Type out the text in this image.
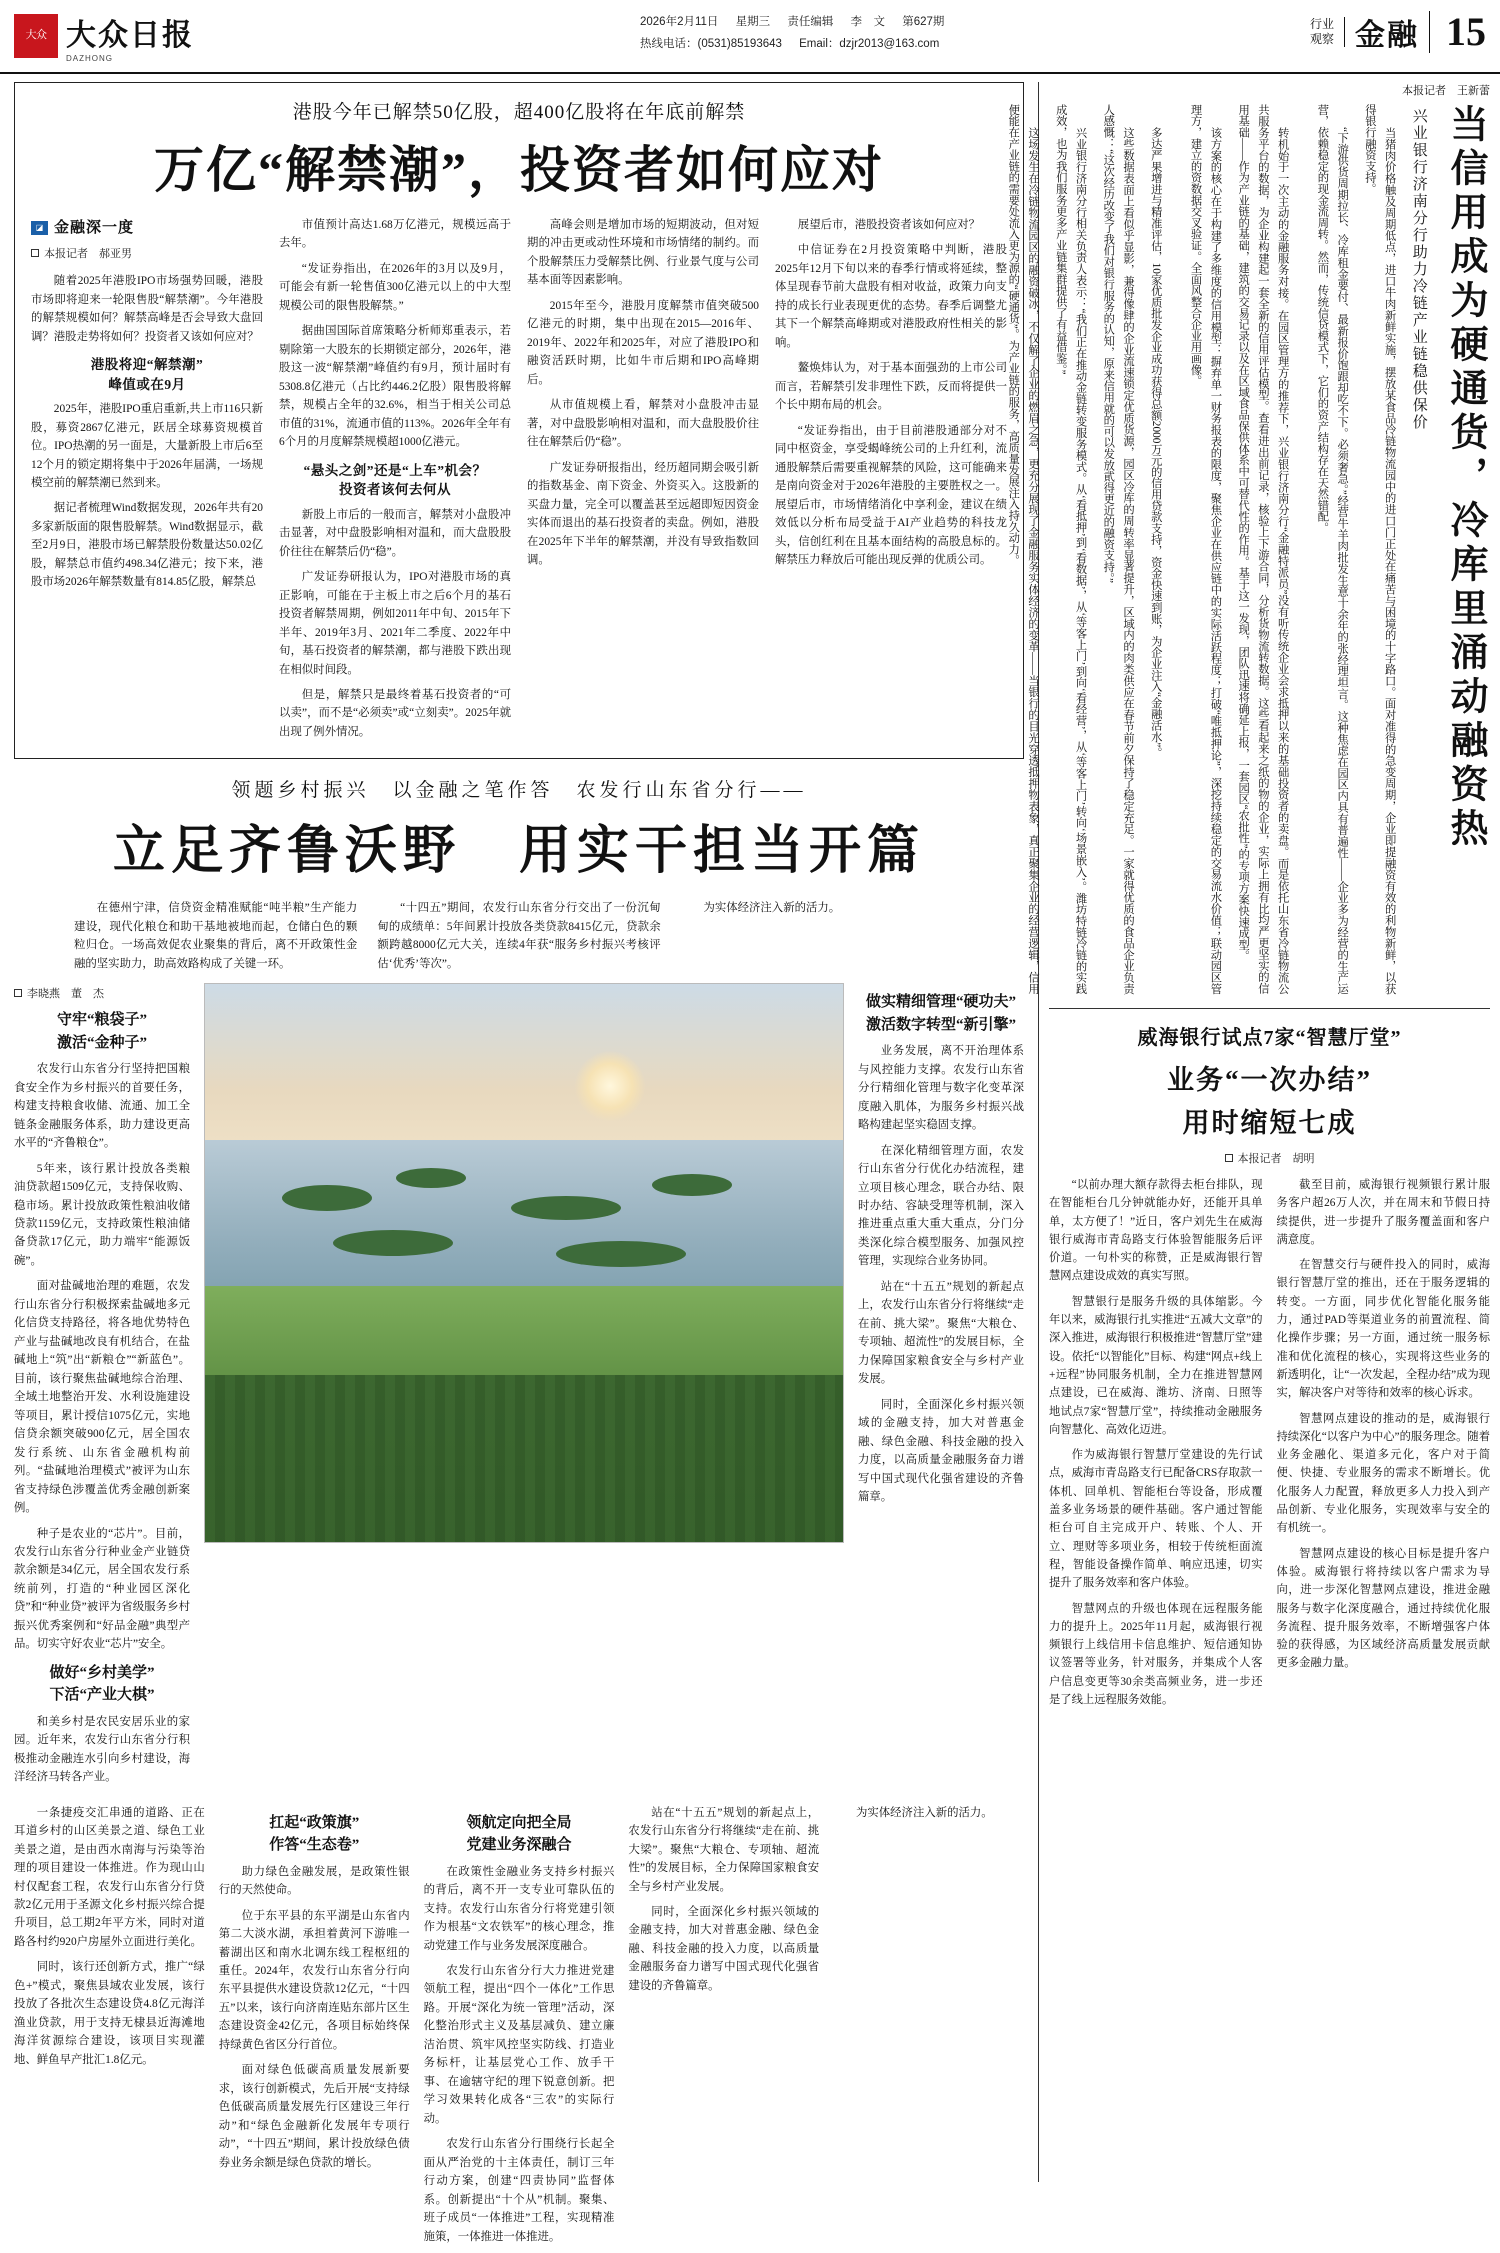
大众 大众日报
DAZHONG
2026年2月11日 星期三 责任编辑 李　文 第627期
热线电话：(0531)85193643 Email：dzjr2013@163.com
行业
观察 金融 15
港股今年已解禁50亿股，超400亿股将在年底前解禁
万亿“解禁潮”，投资者如何应对
◪ 金融深一度
本报记者　郝亚男

随着2025年港股IPO市场强势回暖，港股市场即将迎来一轮限售股“解禁潮”。今年港股的解禁规模如何？解禁高峰是否会导致大盘回调？港股走势将如何？投资者又该如何应对？

港股将迎“解禁潮”
峰值或在9月

2025年，港股IPO重启重新,共上市116只新股，募资2867亿港元，跃居全球募资规模首位。IPO热潮的另一面是，大量新股上市后6至12个月的锁定期将集中于2026年届满，一场规模空前的解禁潮已然到来。

据记者梳理Wind数据发现，2026年共有20多家新版面的限售股解禁。Wind数据显示，截至2月9日，港股市场已解禁股份数量达50.02亿股，解禁总市值约498.34亿港元；按下来，港股市场2026年解禁数量有814.85亿股，解禁总

市值预计高达1.68万亿港元，规模远高于去年。

“发证券指出，在2026年的3月以及9月，可能会有新一轮售值300亿港元以上的中大型规模公司的限售股解禁。”

据曲国国际首席策略分析师郑重表示，若剔除第一大股东的长期锁定部分，2026年，港股这一波“解禁潮”峰值约有9月，预计届时有5308.8亿港元（占比约446.2亿股）限售股将解禁，规模占全年的32.6%，相当于相关公司总市值的31%，流通市值的113%。2026年全年有6个月的月度解禁规模超1000亿港元。

“悬头之剑”还是“上车”机会？
投资者该何去何从

新股上市后的一般而言，解禁对小盘股冲击显著，对中盘股影响相对温和，而大盘股股价往往在解禁后仍“稳”。

广发证券研报认为，IPO对港股市场的真正影响，可能在于主板上市之后6个月的基石投资者解禁周期，例如2011年中旬、2015年下半年、2019年3月、2021年二季度、2022年中旬，基石投资者的解禁潮，都与港股下跌出现在相似时间段。

但是，解禁只是最终着基石投资者的“可以卖”，而不是“必须卖”或“立刻卖”。2025年就出现了例外情况。

高峰会则是增加市场的短期波动，但对短期的冲击更或动性环境和市场情绪的制约。而个股解禁压力受解禁比例、行业景气度与公司基本面等因素影响。

2015年至今，港股月度解禁市值突破500亿港元的时期，集中出现在2015—2016年、2019年、2022年和2025年，对应了港股IPO和融资活跃时期，比如牛市后期和IPO高峰期后。

从市值规模上看，解禁对小盘股冲击显著，对中盘股影响相对温和，而大盘股股价往往在解禁后仍“稳”。

广发证券研报指出，经历超同期会吸引新的指数基金、南下资金、外资买入。这股新的买盘力量，完全可以覆盖甚至远超即短因资金实体而退出的基石投资者的卖盘。例如，港股在2025年下半年的解禁潮，并没有导致指数回调。

展望后市，港股投资者该如何应对？

中信证券在2月投资策略中判断，港股2025年12月下旬以来的春季行情或将延续，整体呈现春节前大盘股有相对收益，政策力向支持的成长行业表现更优的态势。春季后调整尤其下一个解禁高峰期或对港股政府性相关的影响。

鳌焕炜认为，对于基本面强劲的上市公司而言，若解禁引发非理性下跌，反而将提供一个长中期布局的机会。

“发证券指出，由于目前港股通部分对不同中枢资金，享受蝎峰统公司的上升红利，流通股解禁后需要重视解禁的风险，这可能确来是南向资金对于2026年港股的主要胜权之一。展望后市，市场情绪消化中享利金，建议在绩效低以分析布局受益于AI产业趋势的科技龙头，信创红利在且基本面结构的高股息标的。解禁压力释放后可能出现反弹的优质公司。

领题乡村振兴　以金融之笔作答　农发行山东省分行——
立足齐鲁沃野　用实干担当开篇

在德州宁津，信贷资金精准赋能“吨半粮”生产能力建设，现代化粮仓和助干基地被地而起，仓储白色的颗粒归仓。一场高效促农业聚集的背后，离不开政策性金融的坚实助力，助高效路构成了关键一环。

“十四五”期间，农发行山东省分行交出了一份沉甸甸的成绩单：5年间累计投放各类贷款8415亿元，贷款余额跨越8000亿元大关，连续4年获“服务乡村振兴考核评估‘优秀’等次”。

为实体经济注入新的活力。

李晓燕　董　杰
守牢“粮袋子”
激活“金种子”

农发行山东省分行坚持把国粮食安全作为乡村振兴的首要任务，构建支持粮食收储、流通、加工全链条金融服务体系，助力建设更高水平的“齐鲁粮仓”。

5年来，该行累计投放各类粮油贷款超1509亿元，支持保收购、稳市场。累计投放政策性粮油收储贷款1159亿元，支持政策性粮油储备贷款17亿元，助力端牢“能源饭碗”。

面对盐碱地治理的难题，农发行山东省分行积极探索盐碱地多元化信贷支持路径，将各地优势特色产业与盐碱地改良有机结合，在盐碱地上“筑”出“新粮仓”“新蓝色”。目前，该行聚焦盐碱地综合治理、全域土地整治开发、水利设施建设等项目，累计授信1075亿元，实地信贷余额突破900亿元，居全国农发行系统、山东省金融机构前列。“盐碱地治理模式”被评为山东省支持绿色涉覆盖优秀金融创新案例。

种子是农业的“芯片”。目前，农发行山东省分行种业金产业链贷款余额是34亿元，居全国农发行系统前列，打造的“种业园区深化贷”和“种业贷”被评为省级服务乡村振兴优秀案例和“好品金融”典型产品。切实守好农业“芯片”安全。

做好“乡村美学”
下活“产业大棋”

和美乡村是农民安居乐业的家园。近年来，农发行山东省分行积极推动金融连水引向乡村建设，海洋经济马转各产业。

做实精细管理“硬功夫”
激活数字转型“新引擎”

业务发展，离不开治理体系与风控能力支撑。农发行山东省分行精细化管理与数字化变革深度融入肌体，为服务乡村振兴战略构建起坚实稳固支撑。

在深化精细管理方面，农发行山东省分行优化办结流程，建立项目核心理念，联合办结、限时办结、容缺受理等机制，深入推进重点重大重大重点，分门分类深化综合模型服务、加强风控管理，实现综合业务协同。

站在“十五五”规划的新起点上，农发行山东省分行将继续“走在前、挑大梁”。聚焦“大粮仓、专项轴、超流性”的发展目标，全力保障国家粮食安全与乡村产业发展。

同时，全面深化乡村振兴领域的金融支持，加大对普惠金融、绿色金融、科技金融的投入力度，以高质量金融服务奋力谱写中国式现代化强省建设的齐鲁篇章。

一条捷疫交汇串通的道路、正在耳道乡村的山区美景之道、绿色工业美景之道，是由西水南海与污染等治理的项目建设一体推进。作为现山山村仅配套工程，农发行山东省分行贷款2亿元用于圣源文化乡村振兴综合提升项目，总工期2年平方米，同时对道路各村约920户房屋外立面进行美化。

同时，该行还创新方式，推广“绿色+”模式，聚焦县域农业发展，该行投放了各批次生态建设贷4.8亿元海洋渔业贷款，用于支持无棣县近海滩地海洋贫源综合建设，该项目实现灌地、鲜鱼早产批汇1.8亿元。

扛起“政策旗”
作答“生态卷”

助力绿色金融发展，是政策性银行的天然使命。

位于东平县的东平湖是山东省内第二大淡水湖，承担着黄河下游唯一蓄湖出区和南水北调东线工程枢纽的重任。2024年，农发行山东省分行向东平县提供水建设贷款12亿元，“十四五”以来，该行向济南连贴东部片区生态建设资金42亿元，各项目标始终保持绿黄色省区分行首位。

面对绿色低碳高质量发展新要求，该行创新模式，先后开展“支持绿色低碳高质量发展先行区建设三年行动”和“绿色金融新化发展年专项行动”，“十四五”期间，累计投放绿色债券业务余额是绿色贷款的增长。

领航定向把全局
党建业务深融合

在政策性金融业务支持乡村振兴的背后，离不开一支专业可靠队伍的支持。农发行山东省分行将党建引领作为根基“文农铁军”的核心理念，推动党建工作与业务发展深度融合。

农发行山东省分行大力推进党建领航工程，提出“四个一体化”工作思路。开展“深化为统一管理”活动，深化整治形式主义及基层减负、建立廉洁治贯、筑牢风控坚实防线、打造业务标杆，让基层党心工作、放手干事、在逾辖守纪的理下锐意创新。把学习效果转化成各“三农”的实际行动。

农发行山东省分行围绕行长起全面从严治党的十主体责任，制订三年行动方案，创建“四责协同”监督体系。创新提出“十个从”机制。聚集、班子成员“一体推进”工程，实现精准施策，一体推进一体推进。

站在“十五五”规划的新起点上，农发行山东省分行将继续“走在前、挑大梁”。聚焦“大粮仓、专项轴、超流性”的发展目标，全力保障国家粮食安全与乡村产业发展。

同时，全面深化乡村振兴领域的金融支持，加大对普惠金融、绿色金融、科技金融的投入力度，以高质量金融服务奋力谱写中国式现代化强省建设的齐鲁篇章。

为实体经济注入新的活力。

本报记者　王新蕾
当信用成为硬通货，冷库里涌动融资热
兴业银行济南分行助力冷链产业链稳供保价

当猪肉价格触及周期低点，进口牛肉新鲜实施，摆放某食品冷链物流园中的进口门正处在痛苦与困境的十字路口。面对准得的急变周期，企业即提融资有效的利物新鲜，以获得银行融资支持。

“下游供货周期拉长、冷库租金要付、最新报价饱跟却吃不下。必须奢急。”经营牛羊肉批发生意十余年的张经理坦言。这种焦虑在园区内具有普遍性——企业多为经营的生产运营，依赖稳定的现金流周转。然而，传统信贷模式下，它们的资产结构存在天然错配。

转机始于一次主动的金融服务对接。在园区管理方的推荐下，兴业银行济南分行“金融特派员”没有听传统企业会求抵押以来的基础投资者的卖盘。而是依托山东省冷链物流公共服务平台的数据，为企业构建起一套全新的信用评估模型。查看进出前记录，核验上下游合同，分析货物流转数据。这些看起来之纸的物的企业，实际上拥有比均严更坚实的信用基础——作为产业链的基础，建筑的交易记录以及在区域食品保供体系中可替代性的作用。基于这一发现，团队迅速将确延上报，一套园区“农批性”的专项方案快速成型。

该方案的核心在于构建了多维度的信用模型：摒弃单一财务报表的限度，聚焦企业在供应链中的实际活跃程度；打破“唯抵押论”，深挖持续稳定的交易流水价值；联动园区管理方，建立的资数据交叉验证。全面风整合企业用画像。

多达严果增进与精准评估，10家优质批发企业成功获得总额2000万元的信用贷款支持，资金快速到账，为企业注入“金融活水”。

这些数据表面上看似乎显影，兼得像肆的企业流速锁定优质货源，园区冷库的周转率显著提升，区域内的肉类供应在春节前夕保持了稳定充足。一家就得优质的食品企业负责人感慨：“这次经历改变了我们对银行服务的认知，原来信用就的可以发放貮得更近的融资支持。”

兴业银行济南分行相关负责人表示：“我们正在推动金链转变服务模式。从‘看抵押’到‘看数据’，从‘等客上门’到向‘看经营’，从‘等客上门’转向‘场景嵌入’。潍坊特链冷链的实践成效，也为我们服务更多产业链集群提供了有益借鉴。”

这场发生在冷链物流园区的融资破冰，不仅解了企业的燃眉之急，更充分展现了金融服务实体经济的变革——当银行的目光穿透抵押物表象，真正聚集企业的经营逻辑，信用便能在产业链的需要处流入更为源的“硬通货”。为产业链的服务，高质量发展注入持久动力。

威海银行试点7家“智慧厅堂”
业务“一次办结”
用时缩短七成
本报记者　胡明

“以前办理大额存款得去柜台排队，现在智能柜台几分钟就能办好，还能开具单单，太方便了！”近日，客户刘先生在威海银行威海市青岛路支行体验智能服务后评价道。一句朴实的称赞，正是威海银行智慧网点建设成效的真实写照。

智慧银行是服务升级的具体缩影。今年以来，威海银行扎实推进“五减大文章”的深入推进，威海银行积极推进“智慧厅堂”建设。依托“以智能化”目标、构建“网点+线上+远程”协同服务机制，全力在推进智慧网点建设，已在威海、潍坊、济南、日照等地试点7家“智慧厅堂”，持续推动金融服务向智慧化、高效化迈进。

作为威海银行智慧厅堂建设的先行试点，威海市青岛路支行已配备CRS存取款一体机、回单机、智能柜台等设备，形成覆盖多业务场景的硬件基础。客户通过智能柜台可自主完成开户、转账、个人、开立、理财等多项业务，相较于传统柜面流程，智能设备操作简单、响应迅速，切实提升了服务效率和客户体验。

智慧网点的升级也体现在远程服务能力的提升上。2025年11月起，威海银行视频银行上线信用卡信息维护、短信通知协议签署等业务，针对服务，并集成个人客户信息变更等30余类高频业务，进一步还是了线上远程服务效能。

截至目前，威海银行视频银行累计服务客户超26万人次，并在周末和节假日持续提供，进一步提升了服务覆盖面和客户满意度。

在智慧交行与硬件投入的同时，威海银行智慧厅堂的推出，还在于服务逻辑的转变。一方面，同步优化智能化服务能力，通过PAD等渠道业务的前置流程、简化操作步骤；另一方面，通过统一服务标准和优化流程的核心，实现将这些业务的新透明化，让“一次发起，全程办结”成为现实，解决客户对等待和效率的核心诉求。

智慧网点建设的推动的是，威海银行持续深化“以客户为中心”的服务理念。随着业务金融化、渠道多元化，客户对于简便、快捷、专业服务的需求不断增长。优化服务人力配置，释放更多人力投入到产品创新、专业化服务，实现效率与安全的有机统一。

智慧网点建设的核心目标是提升客户体验。威海银行将持续以客户需求为导向，进一步深化智慧网点建设，推进金融服务与数字化深度融合，通过持续优化服务流程、提升服务效率，不断增强客户体验的获得感，为区域经济高质量发展贡献更多金融力量。
